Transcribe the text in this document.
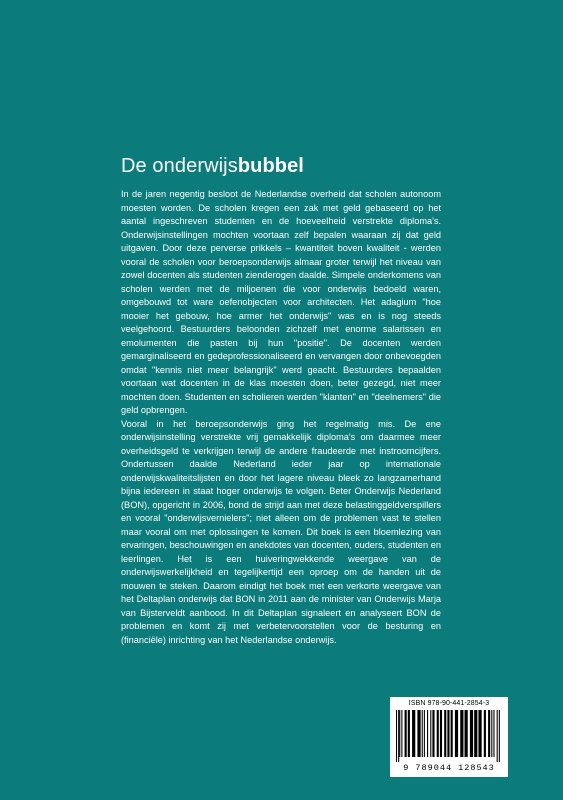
De onderwijsbubbel

In de jaren negentig besloot de Nederlandse overheid dat scholen autonoom moesten worden. De scholen kregen een zak met geld gebaseerd op het aantal ingeschreven studenten en de hoeveelheid verstrekte diploma's. Onderwijsinstellingen mochten voortaan zelf bepalen waaraan zij dat geld uitgaven. Door deze perverse prikkels – kwantiteit boven kwaliteit - werden vooral de scholen voor beroepsonderwijs almaar groter terwijl het niveau van zowel docenten als studenten zienderogen daalde. Simpele onderkomens van scholen werden met de miljoenen die voor onderwijs bedoeld waren, omgebouwd tot ware oefenobjecten voor architecten. Het adagium "hoe mooier het gebouw, hoe armer het onderwijs" was en is nog steeds veelgehoord. Bestuurders beloonden zichzelf met enorme salarissen en emolumenten die pasten bij hun "positie". De docenten werden gemarginaliseerd en gedeprofessionaliseerd en vervangen door onbevoegden omdat "kennis niet meer belangrijk" werd geacht. Bestuurders bepaalden voortaan wat docenten in de klas moesten doen, beter gezegd, niet meer mochten doen. Studenten en scholieren werden "klanten" en "deelnemers" die geld opbrengen.

Vooral in het beroepsonderwijs ging het regelmatig mis. De ene onderwijsinstelling verstrekte vrij gemakkelijk diploma's om daarmee meer overheidsgeld te verkrijgen terwijl de andere fraudeerde met instroomcijfers. Ondertussen daalde Nederland ieder jaar op internationale onderwijskwaliteitslijsten en door het lagere niveau bleek zo langzamerhand bijna iedereen in staat hoger onderwijs te volgen. Beter Onderwijs Nederland (BON), opgericht in 2006, bond de strijd aan met deze belastinggeldverspillers en vooral "onderwijsvernielers"; niet alleen om de problemen vast te stellen maar vooral om met oplossingen te komen. Dit boek is een bloemlezing van ervaringen, beschouwingen en anekdotes van docenten, ouders, studenten en leerlingen. Het is een huiveringwekkende weergave van de onderwijswerkelijkheid en tegelijkertijd een oproep om de handen uit de mouwen te steken. Daarom eindigt het boek met een verkorte weergave van het Deltaplan onderwijs dat BON in 2011 aan de minister van Onderwijs Marja van Bijsterveldt aanbood. In dit Deltaplan signaleert en analyseert BON de problemen en komt zij met verbetervoorstellen voor de besturing en (financiële) inrichting van het Nederlandse onderwijs.

ISBN 978-90-441-2854-3
9 789044 128543
